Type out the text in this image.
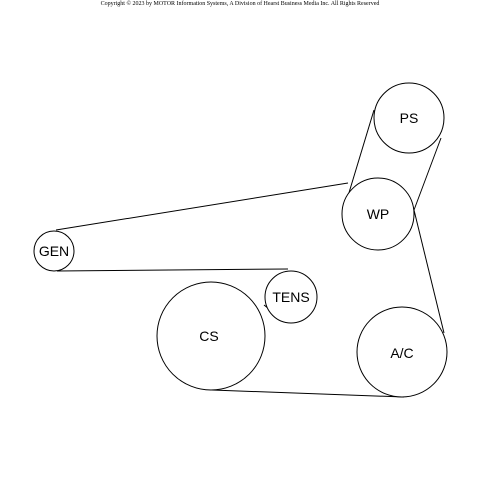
Copyright © 2023 by MOTOR Information Systems, A Division of Hearst Business Media Inc. All Rights Reserved
PS
WP
GEN
TENS
CS
A/C
